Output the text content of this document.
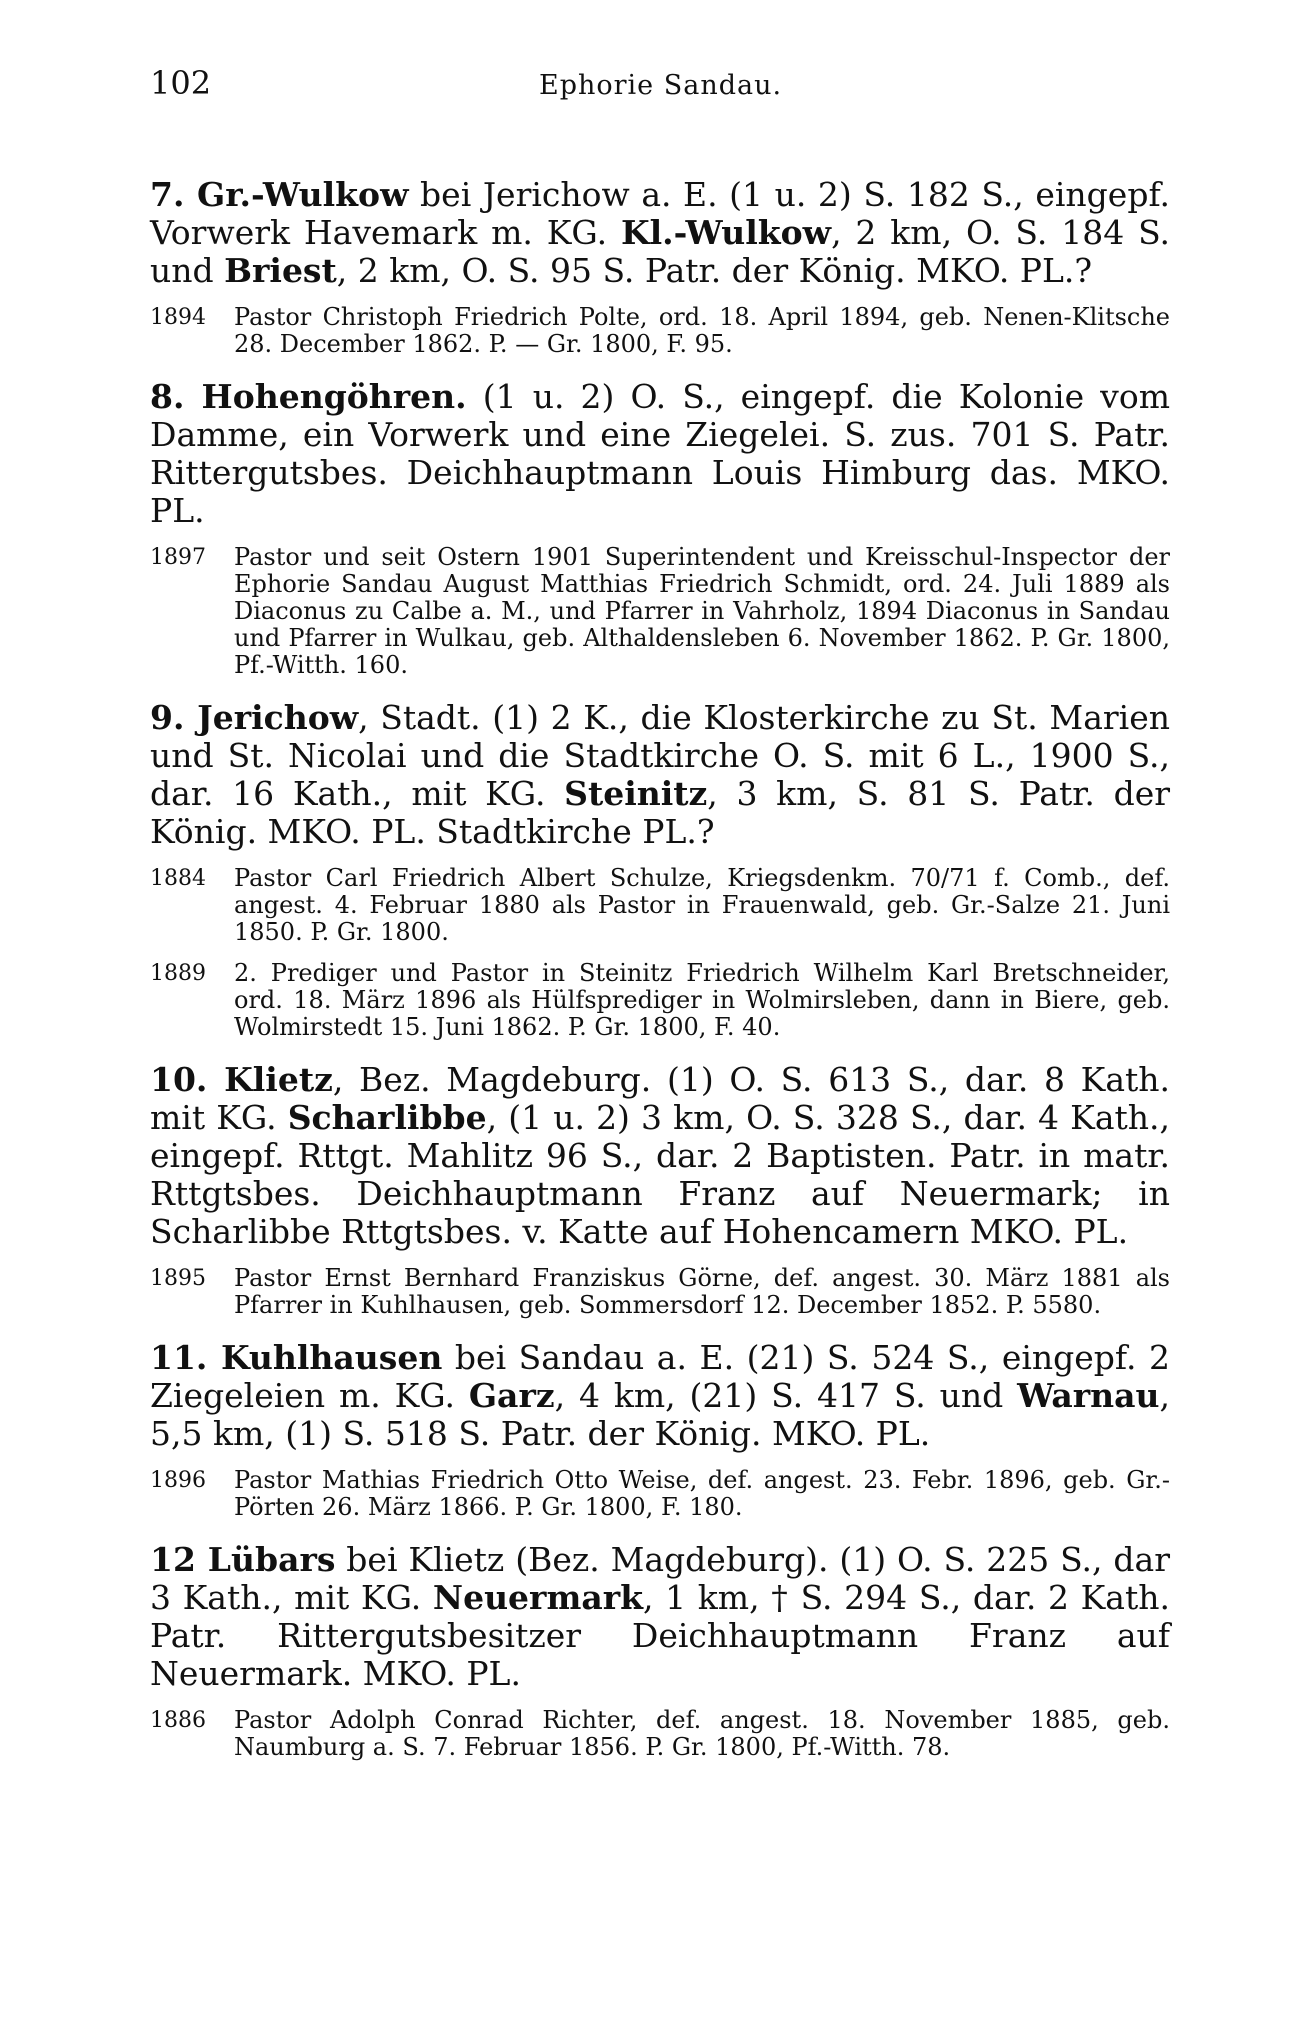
102	Ephorie Sandau.

7. Gr.-Wulkow bei Jerichow a. E. (1 u. 2) S. 182 S., eingepf. Vorwerk Havemark m. KG. Kl.-Wulkow, 2 km, O. S. 184 S. und Briest, 2 km, O. S. 95 S. Patr. der König. MKO. PL.?

1894	Pastor Christoph Friedrich Polte, ord. 18. April 1894, geb. Nenen-Klitsche 28. December 1862. P. — Gr. 1800, F. 95.

8. Hohengöhren. (1 u. 2) O. S., eingepf. die Kolonie vom Damme, ein Vorwerk und eine Ziegelei. S. zus. 701 S. Patr. Rittergutsbes. Deichhauptmann Louis Himburg das. MKO. PL.

1897	Pastor und seit Ostern 1901 Superintendent und Kreisschul-Inspector der Ephorie Sandau August Matthias Friedrich Schmidt, ord. 24. Juli 1889 als Diaconus zu Calbe a. M., und Pfarrer in Vahrholz, 1894 Diaconus in Sandau und Pfarrer in Wulkau, geb. Althaldensleben 6. November 1862. P. Gr. 1800, Pf.-Witth. 160.

9. Jerichow, Stadt. (1) 2 K., die Klosterkirche zu St. Marien und St. Nicolai und die Stadtkirche O. S. mit 6 L., 1900 S., dar. 16 Kath., mit KG. Steinitz, 3 km, S. 81 S. Patr. der König. MKO. PL. Stadtkirche PL.?

1884	Pastor Carl Friedrich Albert Schulze, Kriegsdenkm. 70/71 f. Comb., def. angest. 4. Februar 1880 als Pastor in Frauenwald, geb. Gr.-Salze 21. Juni 1850. P. Gr. 1800.
1889	2. Prediger und Pastor in Steinitz Friedrich Wilhelm Karl Bretschneider, ord. 18. März 1896 als Hülfsprediger in Wolmirsleben, dann in Biere, geb. Wolmirstedt 15. Juni 1862. P. Gr. 1800, F. 40.

10. Klietz, Bez. Magdeburg. (1) O. S. 613 S., dar. 8 Kath. mit KG. Scharlibbe, (1 u. 2) 3 km, O. S. 328 S., dar. 4 Kath., eingepf. Rttgt. Mahlitz 96 S., dar. 2 Baptisten. Patr. in matr. Rttgtsbes. Deichhauptmann Franz auf Neuermark; in Scharlibbe Rttgtsbes. v. Katte auf Hohencamern MKO. PL.

1895	Pastor Ernst Bernhard Franziskus Görne, def. angest. 30. März 1881 als Pfarrer in Kuhlhausen, geb. Sommersdorf 12. December 1852. P. 5580.

11. Kuhlhausen bei Sandau a. E. (21) S. 524 S., eingepf. 2 Ziegeleien m. KG. Garz, 4 km, (21) S. 417 S. und Warnau, 5,5 km, (1) S. 518 S. Patr. der König. MKO. PL.

1896	Pastor Mathias Friedrich Otto Weise, def. angest. 23. Febr. 1896, geb. Gr.-Pörten 26. März 1866. P. Gr. 1800, F. 180.

12 Lübars bei Klietz (Bez. Magdeburg). (1) O. S. 225 S., dar 3 Kath., mit KG. Neuermark, 1 km, † S. 294 S., dar. 2 Kath. Patr. Rittergutsbesitzer Deichhauptmann Franz auf Neuermark. MKO. PL.

1886	Pastor Adolph Conrad Richter, def. angest. 18. November 1885, geb. Naumburg a. S. 7. Februar 1856. P. Gr. 1800, Pf.-Witth. 78.
